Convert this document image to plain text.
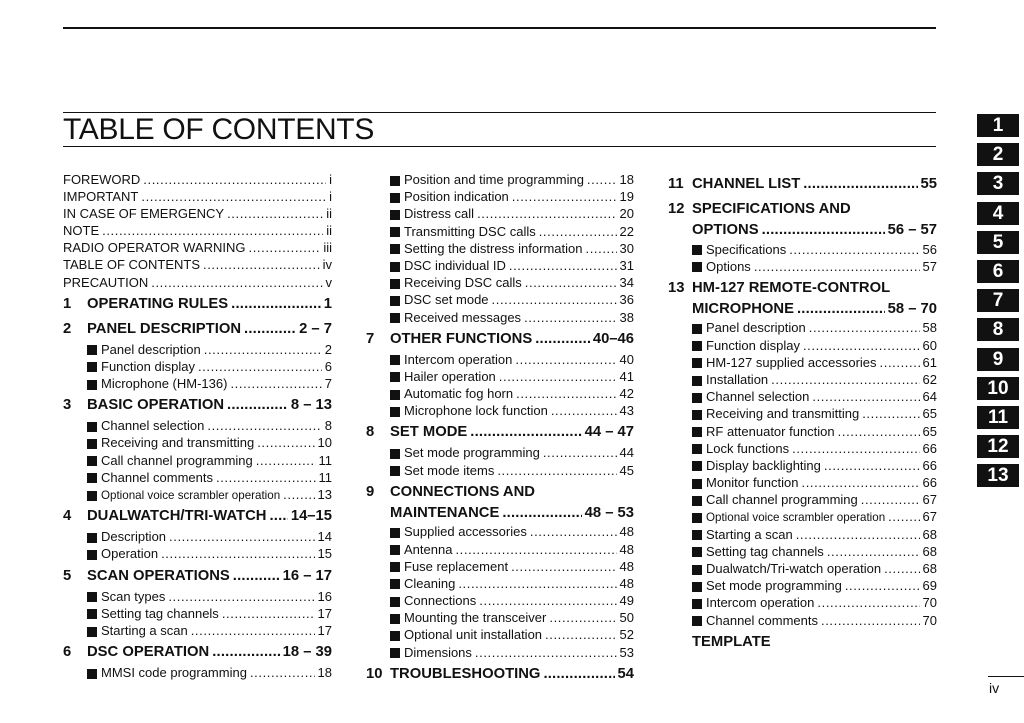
TABLE OF CONTENTS
FOREWORD .....	i
IMPORTANT .....	i
IN CASE OF EMERGENCY .....	ii
NOTE .....	ii
RADIO OPERATOR WARNING .....	iii
TABLE OF CONTENTS .....	iv
PRECAUTION .....	v
1	OPERATING RULES .....	1
2	PANEL DESCRIPTION .....	2 – 7
Panel description .....	2
Function display .....	6
Microphone (HM-136) .....	7
3	BASIC OPERATION .....	8 – 13
Channel selection .....	8
Receiving and transmitting .....	10
Call channel programming .....	11
Channel comments .....	11
Optional voice scrambler operation .....	13
4	DUALWATCH/TRI-WATCH ..... 14–15
Description .....	14
Operation .....	15
5	SCAN OPERATIONS .....	16 – 17
Scan types .....	16
Setting tag channels .....	17
Starting a scan .....	17
6	DSC OPERATION .....	18 – 39
MMSI code programming .....	18
Position and time programming .....	18
Position indication .....	19
Distress call .....	20
Transmitting DSC calls .....	22
Setting the distress information .....	30
DSC individual ID .....	31
Receiving DSC calls .....	34
DSC set mode .....	36
Received messages .....	38
7	OTHER FUNCTIONS .....	40–46
Intercom operation .....	40
Hailer operation .....	41
Automatic fog horn .....	42
Microphone lock function .....	43
8	SET MODE .....	44 – 47
Set mode programming .....	44
Set mode items .....	45
9	CONNECTIONS AND
MAINTENANCE .....	48 – 53
Supplied accessories .....	48
Antenna .....	48
Fuse replacement .....	48
Cleaning .....	48
Connections .....	49
Mounting the transceiver .....	50
Optional unit installation .....	52
Dimensions .....	53
10 TROUBLESHOOTING .....	54
11 CHANNEL LIST .....	55
12 SPECIFICATIONS AND
OPTIONS .....	56 – 57
Specifications .....	56
Options .....	57
13 HM-127 REMOTE-CONTROL
MICROPHONE .....	58 – 70
Panel description .....	58
Function display .....	60
HM-127 supplied accessories .....	61
Installation .....	62
Channel selection .....	64
Receiving and transmitting .....	65
RF attenuator function .....	65
Lock functions .....	66
Display backlighting .....	66
Monitor function .....	66
Call channel programming .....	67
Optional voice scrambler operation .....	67
Starting a scan .....	68
Setting tag channels .....	68
Dualwatch/Tri-watch operation .....	68
Set mode programming .....	69
Intercom operation .....	70
Channel comments .....	70
TEMPLATE
1
2
3
4
5
6
7
8
9
10
11
12
13
iv
